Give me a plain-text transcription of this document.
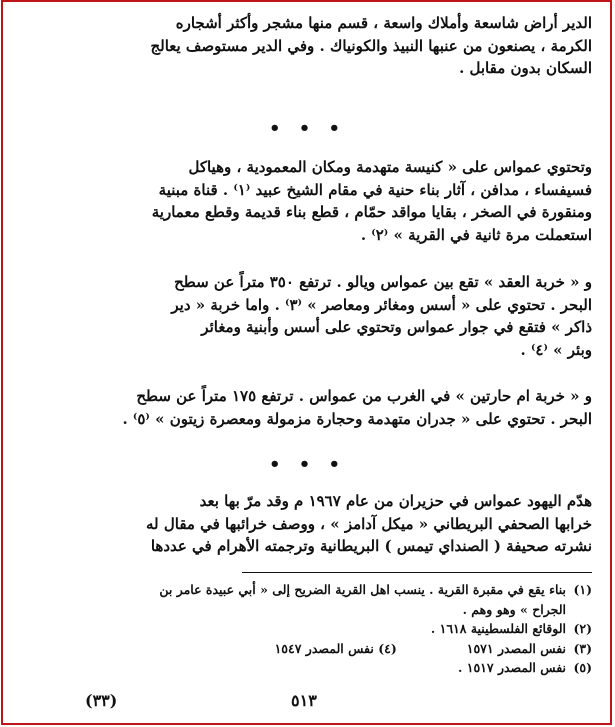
الدير أراض شاسعة وأملاك واسعة ، قسم منها مشجر وأكثر أشجاره
الكرمة ، يصنعون من عنبها النبيذ والكونياك . وفي الدير مستوصف يعالج
السكان بدون مقابل .
• • •
وتحتوي عمواس على « كنيسة متهدمة ومكان المعمودية ، وهياكل
فسيفساء ، مدافن ، آثار بناء حنية في مقام الشيخ عبيد ⁽١⁾ . قناة مبنية
ومنقورة في الصخر ، بقايا مواقد حمّام ، قطع بناء قديمة وقطع معمارية
استعملت مرة ثانية في القرية » ⁽٢⁾ .
و « خربة العقد » تقع بين عمواس ويالو . ترتفع ٣٥٠ متراً عن سطح
البحر . تحتوي على « أسس ومغائر ومعاصر » ⁽٣⁾ . واما خربة « دير
ذاكر » فتقع في جوار عمواس وتحتوي على أسس وأبنية ومغائر
وبئر » ⁽٤⁾ .
و « خربة ام حارتين » في الغرب من عمواس . ترتفع ١٧٥ متراً عن سطح
البحر . تحتوي على « جدران متهدمة وحجارة مزمولة ومعصرة زيتون » ⁽٥⁾ .
• • •
هدّم اليهود عمواس في حزيران من عام ١٩٦٧ م وقد مرّ بها بعد
خرابها الصحفي البريطاني « ميكل آدامز » ، ووصف خرائبها في مقال له
نشرته صحيفة ( الصنداي تيمس ) البريطانية وترجمته الأهرام في عددها
(١)
بناء يقع في مقبرة القرية . ينسب اهل القرية الضريح إلى « أبي عبيدة عامر بن
الجراح » وهو وهم .
(٢)
الوقائع الفلسطينية ١٦١٨ .
(٣)
نفس المصدر ١٥٧١
(٤) نفس المصدر ١٥٤٧
(٥)
نفس المصدر ١٥١٧ .
(٣٣)	٥١٣
